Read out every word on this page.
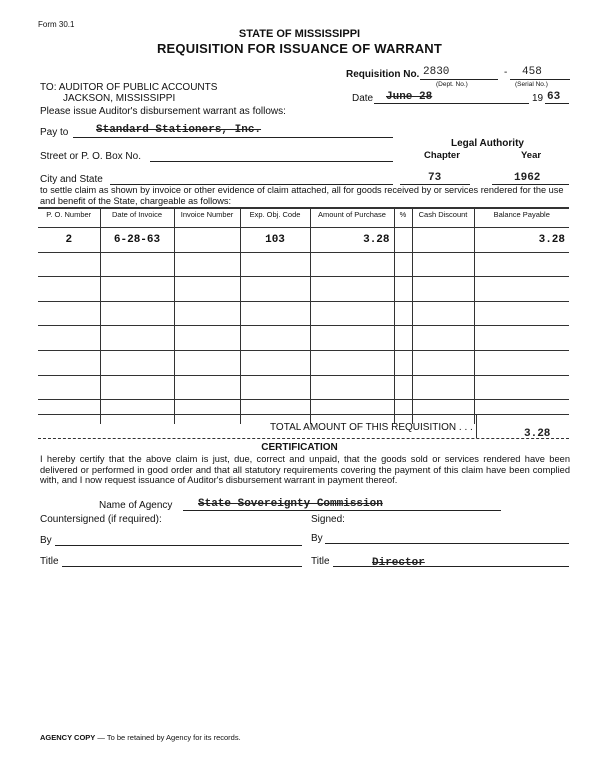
Form 30.1
STATE OF MISSISSIPPI
REQUISITION FOR ISSUANCE OF WARRANT
Requisition No. 2830	- 458
(Dept. No.)	(Serial No.)
TO: AUDITOR OF PUBLIC ACCOUNTS
JACKSON, MISSISSIPPI
Please issue Auditor's disbursement warrant as follows:
Date June 28	19 63
Pay to	Standard Stationers, Inc.
Legal Authority
Chapter	Year
Street or P. O. Box No.
City and State	73	1962
to settle claim as shown by invoice or other evidence of claim attached, all for goods received by or services rendered for the use and benefit of the State, chargeable as follows:
P. O. Number	Date of Invoice	Invoice Number	Exp. Obj. Code	Amount of Purchase	%	Cash Discount	Balance Payable
2	6-28-63		103	3.28			3.28

TOTAL AMOUNT OF THIS REQUISITION . . .
3.28
CERTIFICATION
I hereby certify that the above claim is just, due, correct and unpaid, that the goods sold or services rendered have been delivered or performed in good order and that all statutory requirements covering the payment of this claim have been complied with, and I now request issuance of Auditor's disbursement warrant in payment thereof.
Name of Agency State Sovereignty Commission
Countersigned (if required):	Signed:
By	By
Title	Title	Director
AGENCY COPY — To be retained by Agency for its records.
